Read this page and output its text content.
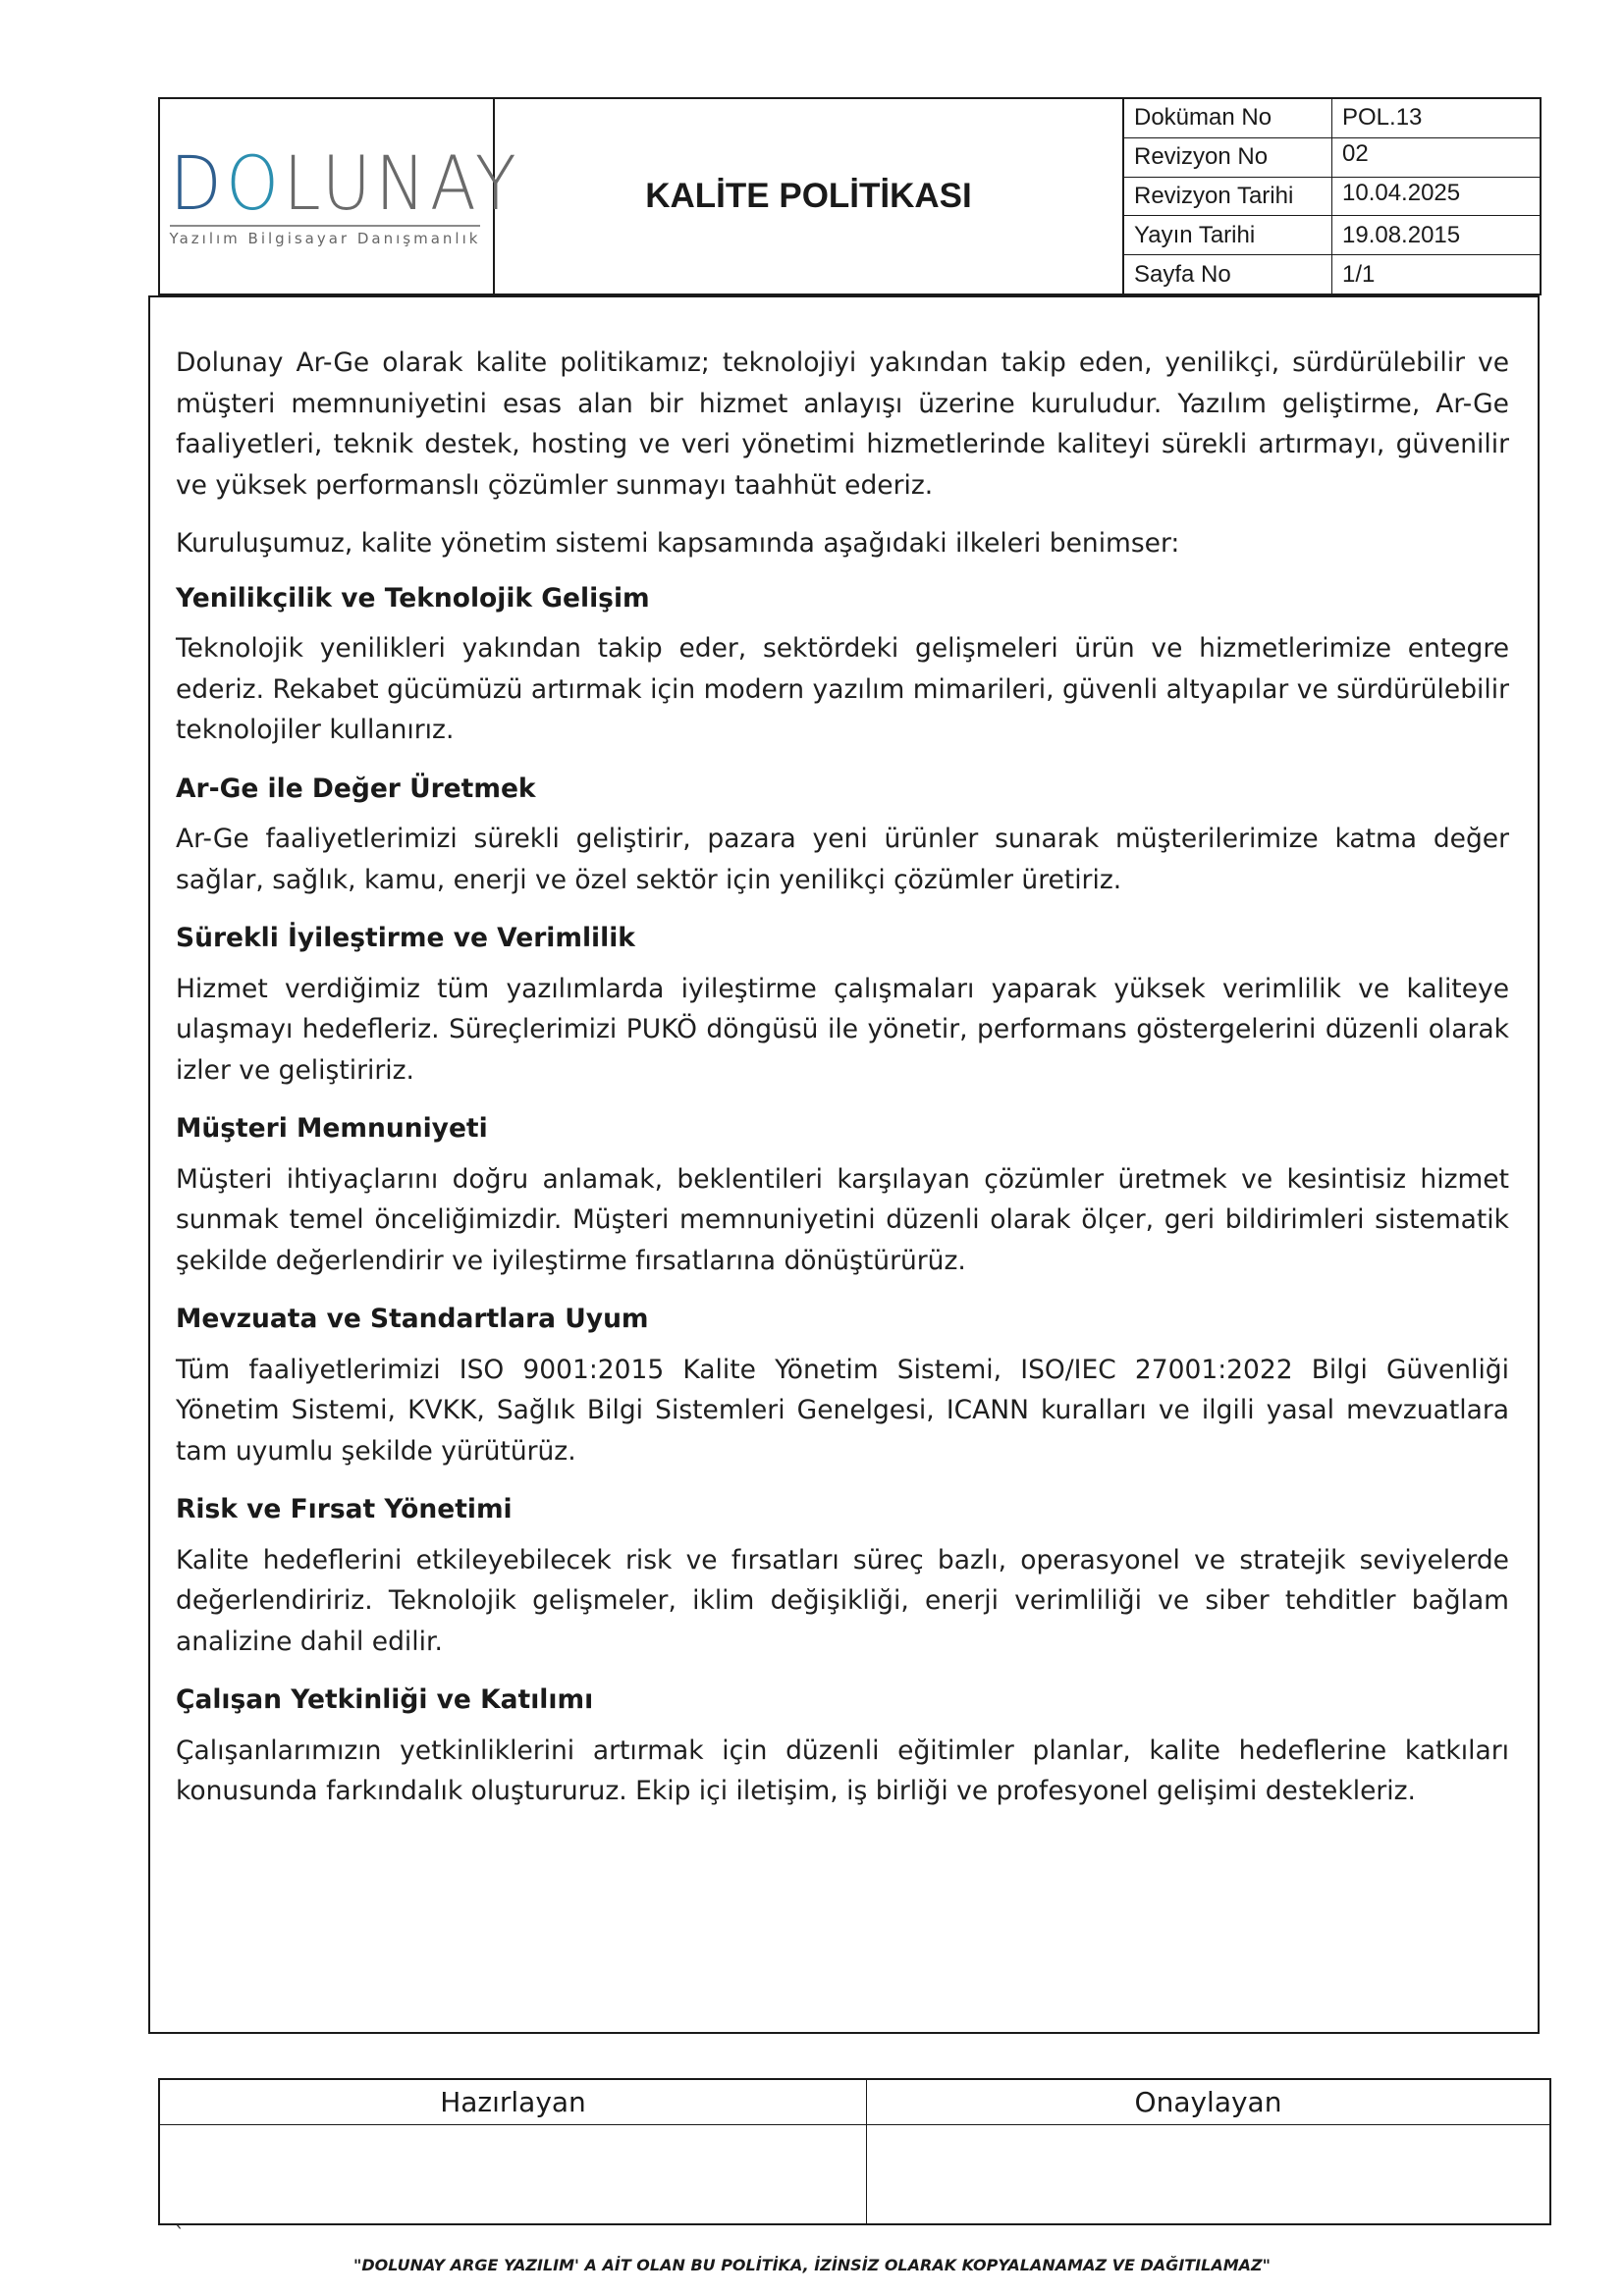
D O LUNAY
Yazılım Bilgisayar Danışmanlık
KALİTE POLİTİKASI
Doküman No	POL.13
Revizyon No	02
Revizyon Tarihi	10.04.2025
Yayın Tarihi	19.08.2015
Sayfa No	1/1

Dolunay Ar-Ge olarak kalite politikamız; teknolojiyi yakından takip eden, yenilikçi, sürdürülebilir ve müşteri memnuniyetini esas alan bir hizmet anlayışı üzerine kuruludur. Yazılım geliştirme, Ar-Ge faaliyetleri, teknik destek, hosting ve veri yönetimi hizmetlerinde kaliteyi sürekli artırmayı, güvenilir ve yüksek performanslı çözümler sunmayı taahhüt ederiz.

Kuruluşumuz, kalite yönetim sistemi kapsamında aşağıdaki ilkeleri benimser:

Yenilikçilik ve Teknolojik Gelişim

Teknolojik yenilikleri yakından takip eder, sektördeki gelişmeleri ürün ve hizmetlerimize entegre ederiz. Rekabet gücümüzü artırmak için modern yazılım mimarileri, güvenli altyapılar ve sürdürülebilir teknolojiler kullanırız.

Ar-Ge ile Değer Üretmek

Ar-Ge faaliyetlerimizi sürekli geliştirir, pazara yeni ürünler sunarak müşterilerimize katma değer sağlar, sağlık, kamu, enerji ve özel sektör için yenilikçi çözümler üretiriz.

Sürekli İyileştirme ve Verimlilik

Hizmet verdiğimiz tüm yazılımlarda iyileştirme çalışmaları yaparak yüksek verimlilik ve kaliteye ulaşmayı hedefleriz. Süreçlerimizi PUKÖ döngüsü ile yönetir, performans göstergelerini düzenli olarak izler ve geliştiririz.

Müşteri Memnuniyeti

Müşteri ihtiyaçlarını doğru anlamak, beklentileri karşılayan çözümler üretmek ve kesintisiz hizmet sunmak temel önceliğimizdir. Müşteri memnuniyetini düzenli olarak ölçer, geri bildirimleri sistematik şekilde değerlendirir ve iyileştirme fırsatlarına dönüştürürüz.

Mevzuata ve Standartlara Uyum

Tüm faaliyetlerimizi ISO 9001:2015 Kalite Yönetim Sistemi, ISO/IEC 27001:2022 Bilgi Güvenliği Yönetim Sistemi, KVKK, Sağlık Bilgi Sistemleri Genelgesi, ICANN kuralları ve ilgili yasal mevzuatlara tam uyumlu şekilde yürütürüz.

Risk ve Fırsat Yönetimi

Kalite hedeflerini etkileyebilecek risk ve fırsatları süreç bazlı, operasyonel ve stratejik seviyelerde değerlendiririz. Teknolojik gelişmeler, iklim değişikliği, enerji verimliliği ve siber tehditler bağlam analizine dahil edilir.

Çalışan Yetkinliği ve Katılımı

Çalışanlarımızın yetkinliklerini artırmak için düzenli eğitimler planlar, kalite hedeflerine katkıları konusunda farkındalık oluştururuz. Ekip içi iletişim, iş birliği ve profesyonel gelişimi destekleriz.

Hazırlayan	Onaylayan
`
"DOLUNAY ARGE YAZILIM' A AİT OLAN BU POLİTİKA, İZİNSİZ OLARAK KOPYALANAMAZ VE DAĞITILAMAZ"
